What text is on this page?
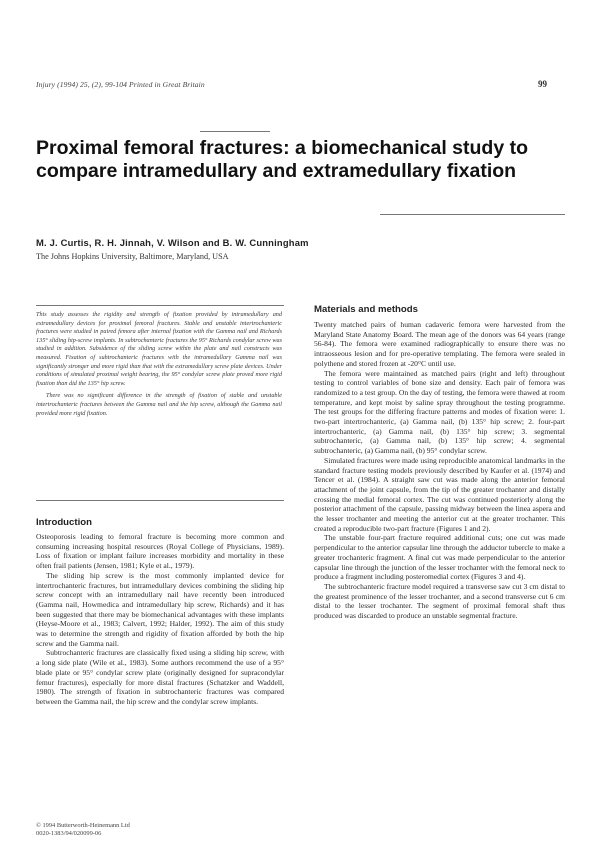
Injury (1994) 25, (2), 99-104 Printed in Great Britain	99
Proximal femoral fractures: a biomechanical study to compare intramedullary and extramedullary fixation
M. J. Curtis, R. H. Jinnah, V. Wilson and B. W. Cunningham
The Johns Hopkins University, Baltimore, Maryland, USA

This study assesses the rigidity and strength of fixation provided by intramedullary and extramedullary devices for proximal femoral fractures. Stable and unstable intertrochanteric fractures were studied in paired femora after internal fixation with the Gamma nail and Richards 135° sliding hip-screw implants. In subtrochanteric fractures the 95° Richards condylar screw was studied in addition. Subsidence of the sliding screw within the plate and nail constructs was measured. Fixation of subtrochanteric fractures with the intramedullary Gamma nail was significantly stronger and more rigid than that with the extramedullary screw plate devices. Under conditions of simulated proximal weight bearing, the 95° condylar screw plate proved more rigid fixation than did the 135° hip screw.

There was no significant difference in the strength of fixation of stable and unstable intertrochanteric fractures between the Gamma nail and the hip screw, although the Gamma nail provided more rigid fixation.

Introduction

Osteoporosis leading to femoral fracture is becoming more common and consuming increasing hospital resources (Royal College of Physicians, 1989). Loss of fixation or implant failure increases morbidity and mortality in these often frail patients (Jensen, 1981; Kyle et al., 1979).

The sliding hip screw is the most commonly implanted device for intertrochanteric fractures, but intramedullary devices combining the sliding hip screw concept with an intramedullary nail have recently been introduced (Gamma nail, Howmedica and intramedullary hip screw, Richards) and it has been suggested that there may be biomechanical advantages with these implants (Heyse-Moore et al., 1983; Calvert, 1992; Halder, 1992). The aim of this study was to determine the strength and rigidity of fixation afforded by both the hip screw and the Gamma nail.

Subtrochanteric fractures are classically fixed using a sliding hip screw, with a long side plate (Wile et al., 1983). Some authors recommend the use of a 95° blade plate or 95° condylar screw plate (originally designed for supracondylar femur fractures), especially for more distal fractures (Schatzker and Waddell, 1980). The strength of fixation in subtrochanteric fractures was compared between the Gamma nail, the hip screw and the condylar screw implants.

Materials and methods

Twenty matched pairs of human cadaveric femora were harvested from the Maryland State Anatomy Board. The mean age of the donors was 64 years (range 56-84). The femora were examined radiographically to ensure there was no intraosseous lesion and for pre-operative templating. The femora were sealed in polythene and stored frozen at -20°C until use.

The femora were maintained as matched pairs (right and left) throughout testing to control variables of bone size and density. Each pair of femora was randomized to a test group. On the day of testing, the femora were thawed at room temperature, and kept moist by saline spray throughout the testing programme. The test groups for the differing fracture patterns and modes of fixation were: 1. two-part intertrochanteric, (a) Gamma nail, (b) 135° hip screw; 2. four-part intertrochanteric, (a) Gamma nail, (b) 135° hip screw; 3. segmental subtrochanteric, (a) Gamma nail, (b) 135° hip screw; 4. segmental subtrochanteric, (a) Gamma nail, (b) 95° condylar screw.

Simulated fractures were made using reproducible anatomical landmarks in the standard fracture testing models previously described by Kaufer et al. (1974) and Tencer et al. (1984). A straight saw cut was made along the anterior femoral attachment of the joint capsule, from the tip of the greater trochanter and distally crossing the medial femoral cortex. The cut was continued posteriorly along the posterior attachment of the capsule, passing midway between the linea aspera and the lesser trochanter and meeting the anterior cut at the greater trochanter. This created a reproducible two-part fracture (Figures 1 and 2).

The unstable four-part fracture required additional cuts; one cut was made perpendicular to the anterior capsular line through the adductor tubercle to make a greater trochanteric fragment. A final cut was made perpendicular to the anterior capsular line through the junction of the lesser trochanter with the femoral neck to produce a fragment including posteromedial cortex (Figures 3 and 4).

The subtrochanteric fracture model required a transverse saw cut 3 cm distal to the greatest prominence of the lesser trochanter, and a second transverse cut 6 cm distal to the lesser trochanter. The segment of proximal femoral shaft thus produced was discarded to produce an unstable segmental fracture.

© 1994 Butterworth-Heinemann Ltd
0020-1383/94/020099-06
